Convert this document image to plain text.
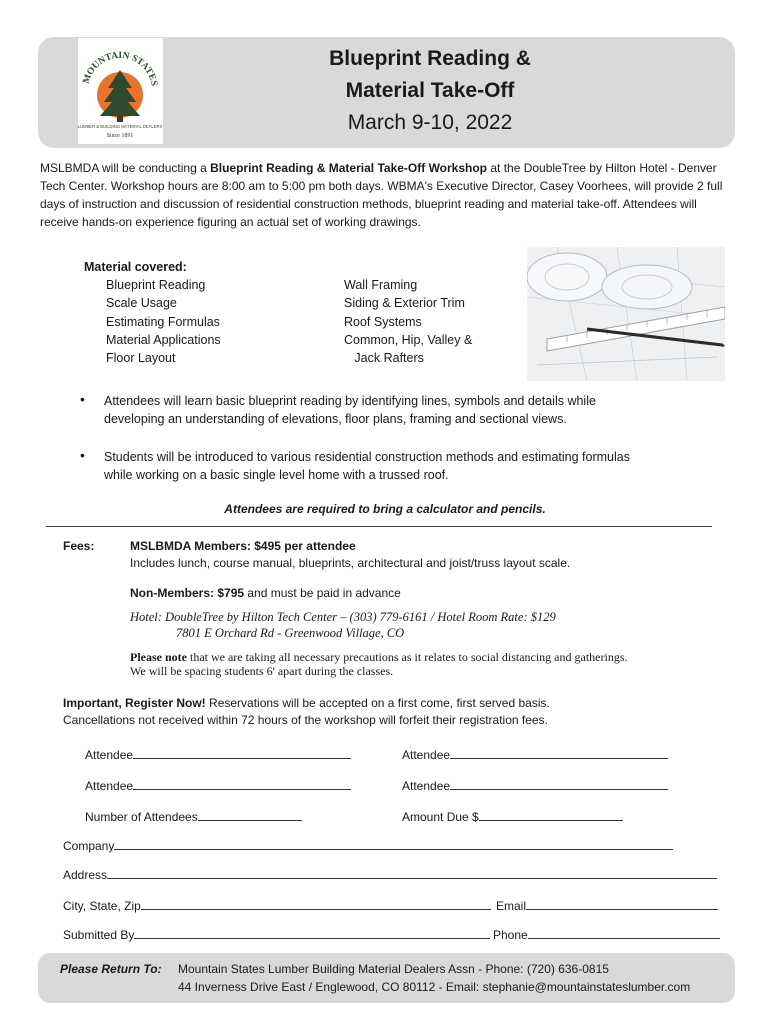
MOUNTAIN STATES
Since 1891
LUMBER & BUILDING MATERIAL DEALERS
Blueprint Reading &
Material Take-Off
March 9-10, 2022
MSLBMDA will be conducting a Blueprint Reading & Material Take-Off Workshop at the DoubleTree by Hilton Hotel - Denver Tech Center. Workshop hours are 8:00 am to 5:00 pm both days. WBMA's Executive Director, Casey Voorhees, will provide 2 full days of instruction and discussion of residential construction methods, blueprint reading and material take-off. Attendees will receive hands-on experience figuring an actual set of working drawings.
Material covered:
Blueprint Reading
Scale Usage
Estimating Formulas
Material Applications
Floor Layout
Wall Framing
Siding & Exterior Trim
Roof Systems
Common, Hip, Valley &
Jack Rafters
• Attendees will learn basic blueprint reading by identifying lines, symbols and details while
developing an understanding of elevations, floor plans, framing and sectional views.
• Students will be introduced to various residential construction methods and estimating formulas
while working on a basic single level home with a trussed roof.
Attendees are required to bring a calculator and pencils.
Fees:	MSLBMDA Members: $495 per attendee
Includes lunch, course manual, blueprints, architectural and joist/truss layout scale.
Non-Members: $795 and must be paid in advance
Hotel: DoubleTree by Hilton Tech Center – (303) 779-6161 / Hotel Room Rate: $129
7801 E Orchard Rd - Greenwood Village, CO
Please note that we are taking all necessary precautions as it relates to social distancing and gatherings.
We will be spacing students 6' apart during the classes.
Important, Register Now! Reservations will be accepted on a first come, first served basis.
Cancellations not received within 72 hours of the workshop will forfeit their registration fees.
Attendee	Attendee
Attendee	Attendee
Number of Attendees	Amount Due $
Company
Address
City, State, Zip	Email
Submitted By	Phone
Please Return To: Mountain States Lumber Building Material Dealers Assn - Phone: (720) 636-0815
44 Inverness Drive East / Englewood, CO 80112 - Email: stephanie@mountainstateslumber.com
